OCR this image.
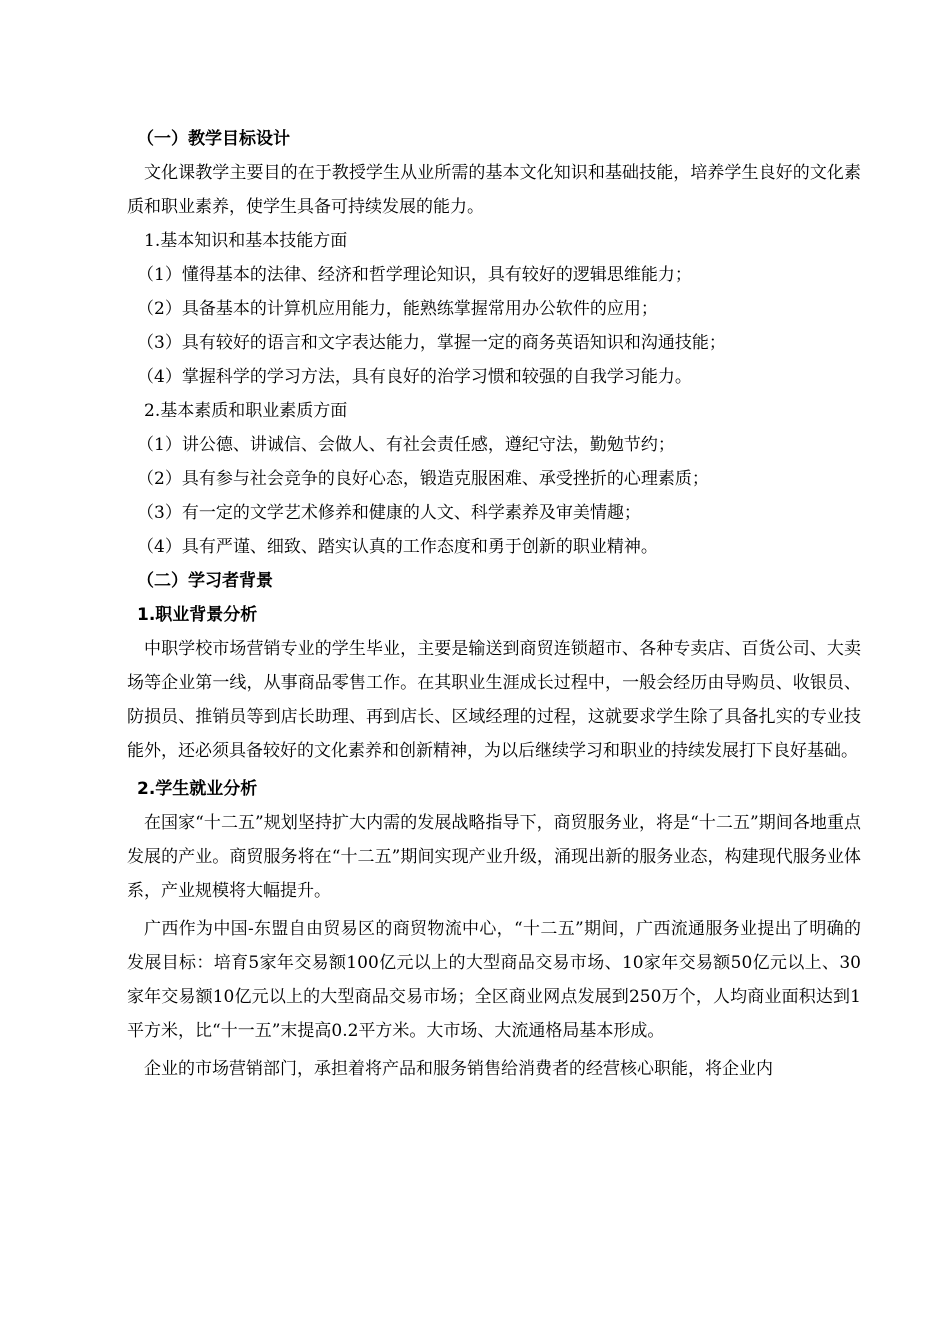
（一）教学目标设计

文化课教学主要目的在于教授学生从业所需的基本文化知识和基础技能，培养学生良好的文化素质和职业素养，使学生具备可持续发展的能力。

1.基本知识和基本技能方面

（1）懂得基本的法律、经济和哲学理论知识，具有较好的逻辑思维能力；

（2）具备基本的计算机应用能力，能熟练掌握常用办公软件的应用；

（3）具有较好的语言和文字表达能力，掌握一定的商务英语知识和沟通技能；

（4）掌握科学的学习方法，具有良好的治学习惯和较强的自我学习能力。

2.基本素质和职业素质方面

（1）讲公德、讲诚信、会做人、有社会责任感，遵纪守法，勤勉节约；

（2）具有参与社会竞争的良好心态，锻造克服困难、承受挫折的心理素质；

（3）有一定的文学艺术修养和健康的人文、科学素养及审美情趣；

（4）具有严谨、细致、踏实认真的工作态度和勇于创新的职业精神。

（二）学习者背景

1.职业背景分析

中职学校市场营销专业的学生毕业，主要是输送到商贸连锁超市、各种专卖店、百货公司、大卖场等企业第一线，从事商品零售工作。在其职业生涯成长过程中，一般会经历由导购员、收银员、防损员、推销员等到店长助理、再到店长、区域经理的过程，这就要求学生除了具备扎实的专业技能外，还必须具备较好的文化素养和创新精神，为以后继续学习和职业的持续发展打下良好基础。

2.学生就业分析

在国家“十二五”规划坚持扩大内需的发展战略指导下，商贸服务业，将是“十二五”期间各地重点发展的产业。商贸服务将在“十二五”期间实现产业升级，涌现出新的服务业态，构建现代服务业体系，产业规模将大幅提升。

广西作为中国-东盟自由贸易区的商贸物流中心，“十二五”期间，广西流通服务业提出了明确的发展目标：培育5家年交易额100亿元以上的大型商品交易市场、10家年交易额50亿元以上、30家年交易额10亿元以上的大型商品交易市场；全区商业网点发展到250万个，人均商业面积达到1平方米，比“十一五”末提高0.2平方米。大市场、大流通格局基本形成。

企业的市场营销部门，承担着将产品和服务销售给消费者的经营核心职能，将企业内
